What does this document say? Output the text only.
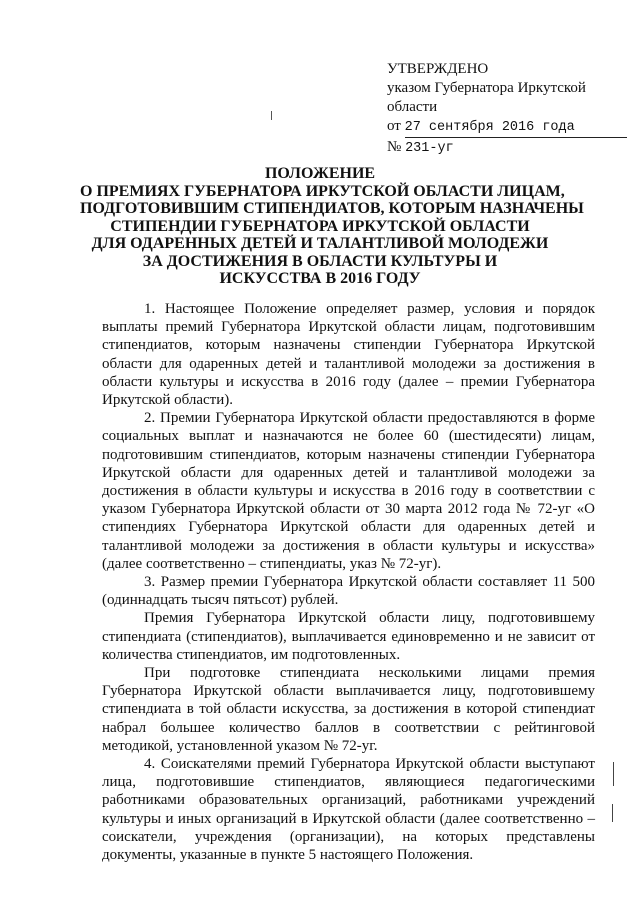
УТВЕРЖДЕНО
указом Губернатора Иркутской
области
от 27 сентября 2016 года
№ 231-уг
ПОЛОЖЕНИЕ
О ПРЕМИЯХ ГУБЕРНАТОРА ИРКУТСКОЙ ОБЛАСТИ ЛИЦАМ,
ПОДГОТОВИВШИМ СТИПЕНДИАТОВ, КОТОРЫМ НАЗНАЧЕНЫ
СТИПЕНДИИ ГУБЕРНАТОРА ИРКУТСКОЙ ОБЛАСТИ
ДЛЯ ОДАРЕННЫХ ДЕТЕЙ И ТАЛАНТЛИВОЙ МОЛОДЕЖИ
ЗА ДОСТИЖЕНИЯ В ОБЛАСТИ КУЛЬТУРЫ И
ИСКУССТВА В 2016 ГОДУ

1. Настоящее Положение определяет размер, условия и порядок выплаты премий Губернатора Иркутской области лицам, подготовившим стипендиатов, которым назначены стипендии Губернатора Иркутской области для одаренных детей и талантливой молодежи за достижения в области культуры и искусства в 2016 году (далее – премии Губернатора Иркутской области).

2. Премии Губернатора Иркутской области предоставляются в форме социальных выплат и назначаются не более 60 (шестидесяти) лицам, подготовившим стипендиатов, которым назначены стипендии Губернатора Иркутской области для одаренных детей и талантливой молодежи за достижения в области культуры и искусства в 2016 году в соответствии с указом Губернатора Иркутской области от 30 марта 2012 года № 72-уг «О стипендиях Губернатора Иркутской области для одаренных детей и талантливой молодежи за достижения в области культуры и искусства» (далее соответственно – стипендиаты, указ № 72-уг).

3. Размер премии Губернатора Иркутской области составляет 11 500 (одиннадцать тысяч пятьсот) рублей.

Премия Губернатора Иркутской области лицу, подготовившему стипендиата (стипендиатов), выплачивается единовременно и не зависит от количества стипендиатов, им подготовленных.

При подготовке стипендиата несколькими лицами премия Губернатора Иркутской области выплачивается лицу, подготовившему стипендиата в той области искусства, за достижения в которой стипендиат набрал большее количество баллов в соответствии с рейтинговой методикой, установленной указом № 72-уг.

4. Соискателями премий Губернатора Иркутской области выступают лица, подготовившие стипендиатов, являющиеся педагогическими работниками образовательных организаций, работниками учреждений культуры и иных организаций в Иркутской области (далее соответственно – соискатели, учреждения (организации), на которых представлены документы, указанные в пункте 5 настоящего Положения.
